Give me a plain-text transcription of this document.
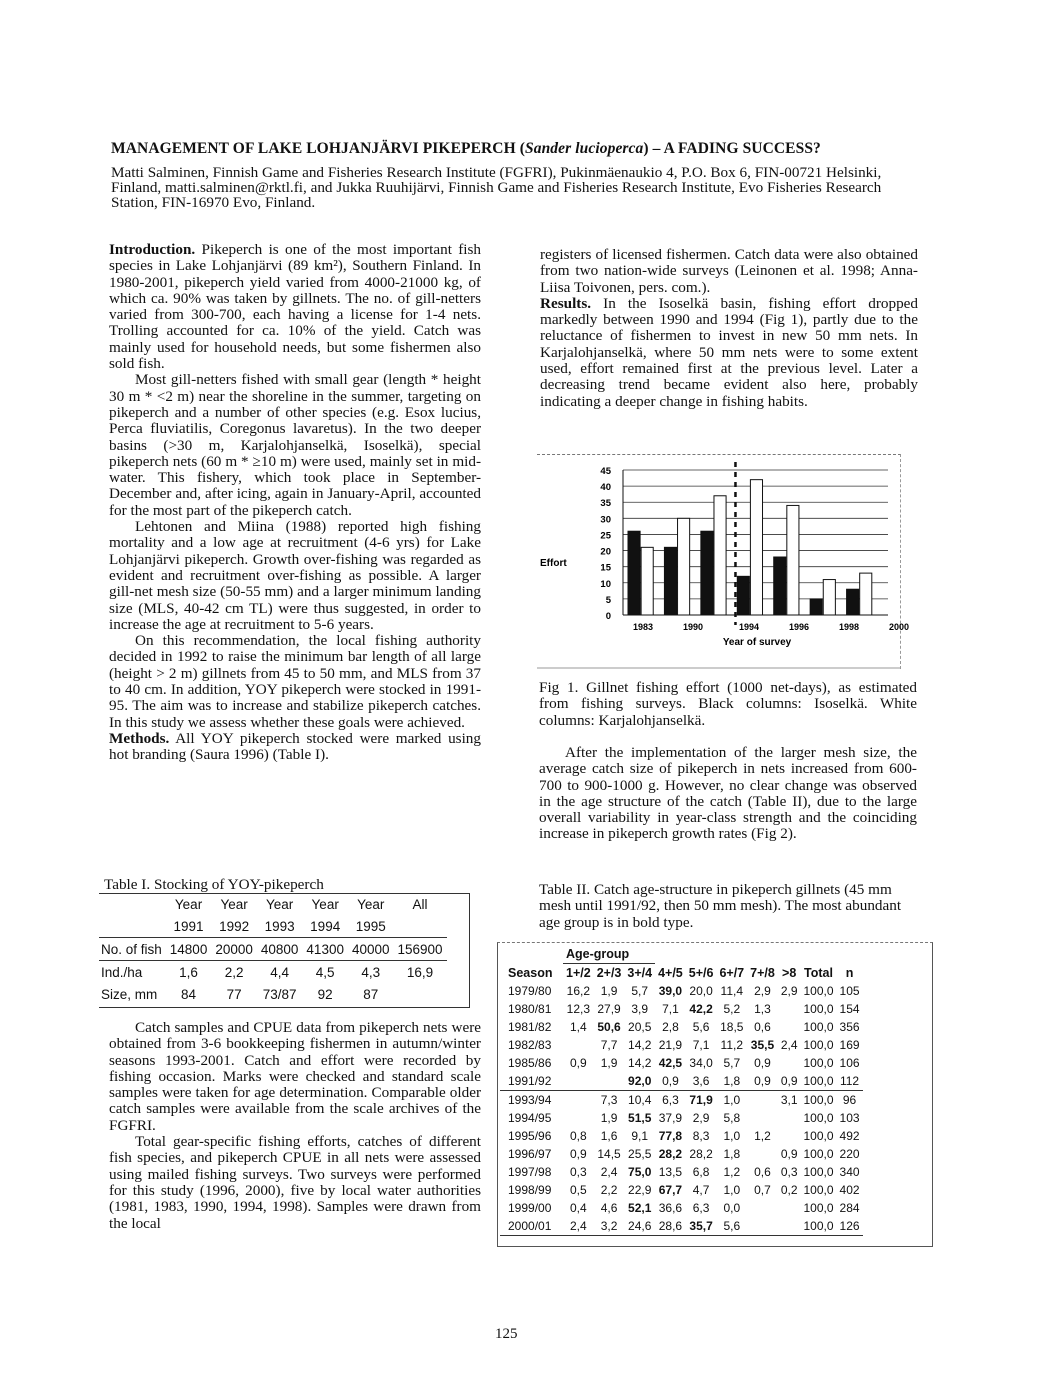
MANAGEMENT OF LAKE LOHJANJÄRVI PIKEPERCH (Sander lucioperca) – A FADING SUCCESS?
Matti Salminen, Finnish Game and Fisheries Research Institute (FGFRI), Pukinmäenaukio 4, P.O. Box 6, FIN-00721 Helsinki, Finland, matti.salminen@rktl.fi, and Jukka Ruuhijärvi, Finnish Game and Fisheries Research Institute, Evo Fisheries Research Station, FIN-16970 Evo, Finland.

Introduction. Pikeperch is one of the most important fish species in Lake Lohjanjärvi (89 km²), Southern Finland. In 1980-2001, pikeperch yield varied from 4000-21000 kg, of which ca. 90% was taken by gillnets. The no. of gill-netters varied from 300-700, each having a license for 1-4 nets. Trolling accounted for ca. 10% of the yield. Catch was mainly used for household needs, but some fishermen also sold fish.

Most gill-netters fished with small gear (length * height 30 m * <2 m) near the shoreline in the summer, targeting on pikeperch and a number of other species (e.g. Esox lucius, Perca fluviatilis, Coregonus lavaretus). In the two deeper basins (>30 m, Karjalohjanselkä, Isoselkä), special pikeperch nets (60 m * ≥10 m) were used, mainly set in mid-water. This fishery, which took place in September-December and, after icing, again in January-April, accounted for the most part of the pikeperch catch.

Lehtonen and Miina (1988) reported high fishing mortality and a low age at recruitment (4-6 yrs) for Lake Lohjanjärvi pikeperch. Growth over-fishing was regarded as evident and recruitment over-fishing as possible. A larger gill-net mesh size (50-55 mm) and a larger minimum landing size (MLS, 40-42 cm TL) were thus suggested, in order to increase the age at recruitment to 5-6 years.

On this recommendation, the local fishing authority decided in 1992 to raise the minimum bar length of all large (height > 2 m) gillnets from 45 to 50 mm, and MLS from 37 to 40 cm. In addition, YOY pikeperch were stocked in 1991-95. The aim was to increase and stabilize pikeperch catches. In this study we assess whether these goals were achieved.

Methods. All YOY pikeperch stocked were marked using hot branding (Saura 1996) (Table I).

Table I. Stocking of YOY-pikeperch
	Year	Year	Year	Year	Year	All
	1991	1992	1993	1994	1995	
No. of fish	14800	20000	40800	41300	40000	156900
Ind./ha	1,6	2,2	4,4	4,5	4,3	16,9
Size, mm	84	77	73/87	92	87	

Catch samples and CPUE data from pikeperch nets were obtained from 3-6 bookkeeping fishermen in autumn/winter seasons 1993-2001. Catch and effort were recorded by fishing occasion. Marks were checked and standard scale samples were taken for age determination. Comparable older catch samples were available from the scale archives of the FGFRI.

Total gear-specific fishing efforts, catches of different fish species, and pikeperch CPUE in all nets were assessed using mailed fishing surveys. Two surveys were performed for this study (1996, 2000), five by local water authorities (1981, 1983, 1990, 1994, 1998). Samples were drawn from the local

registers of licensed fishermen. Catch data were also obtained from two nation-wide surveys (Leinonen et al. 1998; Anna-Liisa Toivonen, pers. com.).

Results. In the Isoselkä basin, fishing effort dropped markedly between 1990 and 1994 (Fig 1), partly due to the reluctance of fishermen to invest in new 50 mm nets. In Karjalohjanselkä, where 50 mm nets were to some extent used, effort remained first at the previous level. Later a decreasing trend became evident also here, probably indicating a deeper change in fishing habits.

45
40
35
30
25
20
15
10
5
0
1983	1990	1994	1996	1998	2000
Effort
Year of survey
Fig 1. Gillnet fishing effort (1000 net-days), as estimated from fishing surveys. Black columns: Isoselkä. White columns: Karjalohjanselkä.

After the implementation of the larger mesh size, the average catch size of pikeperch in nets increased from 600-700 to 900-1000 g. However, no clear change was observed in the age structure of the catch (Table II), due to the large overall variability in year-class strength and the coinciding increase in pikeperch growth rates (Fig 2).

Table II. Catch age-structure in pikeperch gillnets (45 mm mesh until 1991/92, then 50 mm mesh). The most abundant age group is in bold type.
	Age-group									
Season	1+/2	2+/3	3+/4	4+/5	5+/6	6+/7	7+/8	>8	Total	n
1979/80	16,2	1,9	5,7	39,0	20,0	11,4	2,9	2,9	100,0	105
1980/81	12,3	27,9	3,9	7,1	42,2	5,2	1,3		100,0	154
1981/82	1,4	50,6	20,5	2,8	5,6	18,5	0,6		100,0	356
1982/83		7,7	14,2	21,9	7,1	11,2	35,5	2,4	100,0	169
1985/86	0,9	1,9	14,2	42,5	34,0	5,7	0,9		100,0	106
1991/92			92,0	0,9	3,6	1,8	0,9	0,9	100,0	112
1993/94		7,3	10,4	6,3	71,9	1,0		3,1	100,0	96
1994/95		1,9	51,5	37,9	2,9	5,8			100,0	103
1995/96	0,8	1,6	9,1	77,8	8,3	1,0	1,2		100,0	492
1996/97	0,9	14,5	25,5	28,2	28,2	1,8		0,9	100,0	220
1997/98	0,3	2,4	75,0	13,5	6,8	1,2	0,6	0,3	100,0	340
1998/99	0,5	2,2	22,9	67,7	4,7	1,0	0,7	0,2	100,0	402
1999/00	0,4	4,6	52,1	36,6	6,3	0,0			100,0	284
2000/01	2,4	3,2	24,6	28,6	35,7	5,6			100,0	126
125
